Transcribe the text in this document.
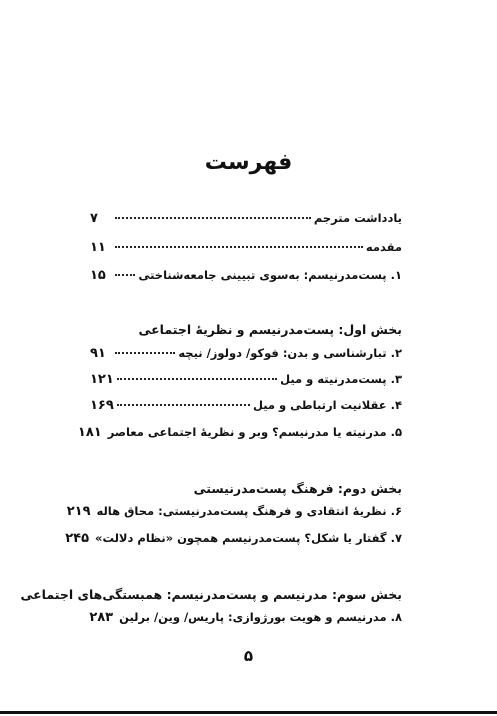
فهرست
یادداشت مترجم
۷
مقدمه
۱۱
۱. پست‌مدرنیسم: به‌سوی تبیینی جامعه‌شناختی
۱۵
بخش اول: پست‌مدرنیسم و نظریۀ اجتماعی
۲. تبارشناسی و بدن: فوکو/ دولوز/ نیچه
۹۱
۳. پست‌مدرنیته و میل
۱۲۱
۴. عقلانیت ارتباطی و میل
۱۶۹
۵. مدرنیته یا مدرنیسم؟ وبر و نظریۀ اجتماعی معاصر
۱۸۱
بخش دوم: فرهنگ پست‌مدرنیستی
۶. نظریۀ انتقادی و فرهنگ پست‌مدرنیستی: محاق هاله
۲۱۹
۷. گفتار یا شکل؟ پست‌مدرنیسم همچون «نظام دلالت»
۲۴۵
بخش سوم: مدرنیسم و پست‌مدرنیسم: همبستگی‌های اجتماعی
۸. مدرنیسم و هویت بورژوازی: پاریس/ وین/ برلین
۲۸۳
۵
